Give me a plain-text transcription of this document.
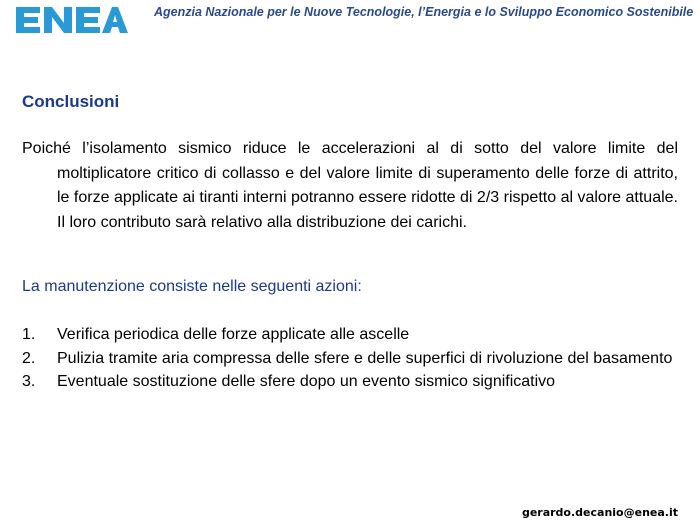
Agenzia Nazionale per le Nuove Tecnologie, l’Energia e lo Sviluppo Economico Sostenibile
Conclusioni
Poiché l’isolamento sismico riduce le accelerazioni al di sotto del valore limite del moltiplicatore critico di collasso e del valore limite di superamento delle forze di attrito, le forze applicate ai tiranti interni potranno essere ridotte di 2/3 rispetto al valore attuale. Il loro contributo sarà relativo alla distribuzione dei carichi.
La manutenzione consiste nelle seguenti azioni:
1. Verifica periodica delle forze applicate alle ascelle
2. Pulizia tramite aria compressa delle sfere e delle superfici di rivoluzione del basamento
3. Eventuale sostituzione delle sfere dopo un evento sismico significativo
gerardo.decanio@enea.it
